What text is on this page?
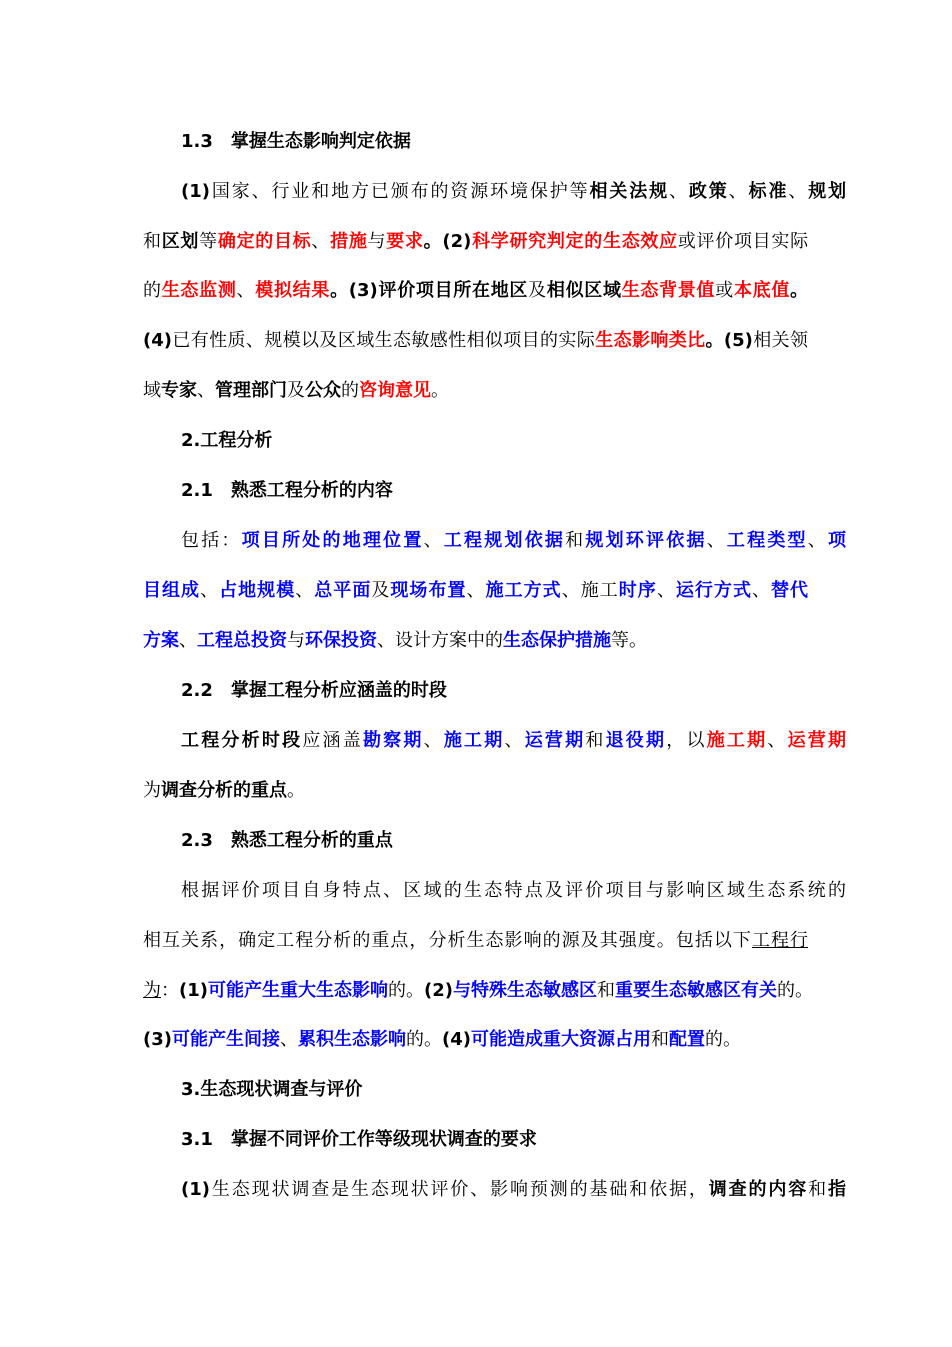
1.3 掌握生态影响判定依据
(1)国家、行业和地方已颁布的资源环境保护等相关法规、政策、标准、规划
和区划等确定的目标、措施与要求。(2)科学研究判定的生态效应或评价项目实际
的生态监测、模拟结果。(3)评价项目所在地区及相似区域生态背景值或本底值。
(4)已有性质、规模以及区域生态敏感性相似项目的实际生态影响类比。(5)相关领
域专家、管理部门及公众的咨询意见。
2.工程分析
2.1 熟悉工程分析的内容
包括：项目所处的地理位置、工程规划依据和规划环评依据、工程类型、项
目组成、占地规模、总平面及现场布置、施工方式、施工时序、运行方式、替代
方案、工程总投资与环保投资、设计方案中的生态保护措施等。
2.2 掌握工程分析应涵盖的时段
工程分析时段应涵盖勘察期、施工期、运营期和退役期，以施工期、运营期
为调查分析的重点。
2.3 熟悉工程分析的重点
根据评价项目自身特点、区域的生态特点及评价项目与影响区域生态系统的
相互关系，确定工程分析的重点，分析生态影响的源及其强度。包括以下工程行
为：(1)可能产生重大生态影响的。(2)与特殊生态敏感区和重要生态敏感区有关的。
(3)可能产生间接、累积生态影响的。(4)可能造成重大资源占用和配置的。
3.生态现状调查与评价
3.1 掌握不同评价工作等级现状调查的要求
(1)生态现状调查是生态现状评价、影响预测的基础和依据，调查的内容和指
